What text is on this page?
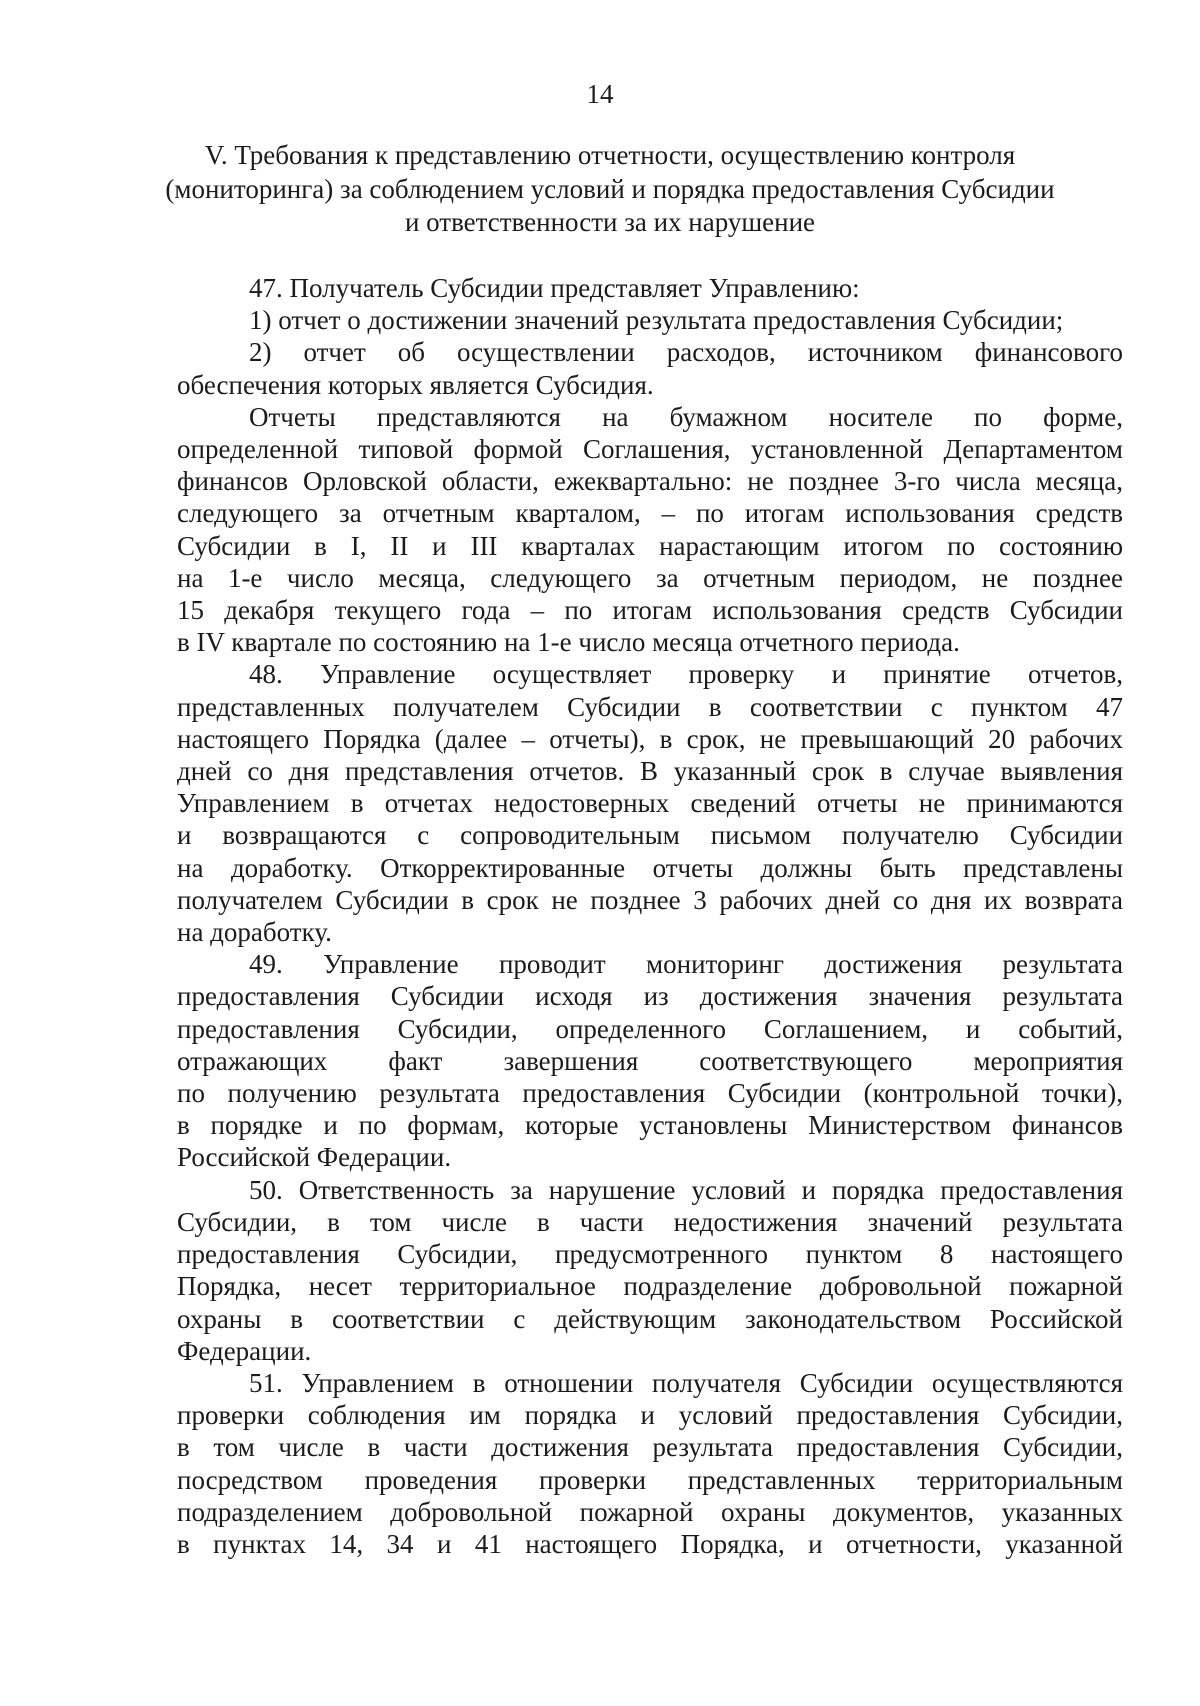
14
V. Требования к представлению отчетности, осуществлению контроля
(мониторинга) за соблюдением условий и порядка предоставления Субсидии
и ответственности за их нарушение

47. Получатель Субсидии представляет Управлению:

1) отчет о достижении значений результата предоставления Субсидии;

2) отчет об осуществлении расходов, источником финансового
обеспечения которых является Субсидия.

Отчеты представляются на бумажном носителе по форме,
определенной типовой формой Соглашения, установленной Департаментом
финансов Орловской области, ежеквартально: не позднее 3-го числа месяца,
следующего за отчетным кварталом, – по итогам использования средств
Субсидии в I, II и III кварталах нарастающим итогом по состоянию
на 1-е число месяца, следующего за отчетным периодом, не позднее
15 декабря текущего года – по итогам использования средств Субсидии
в IV квартале по состоянию на 1-е число месяца отчетного периода.

48. Управление осуществляет проверку и принятие отчетов,
представленных получателем Субсидии в соответствии с пунктом 47
настоящего Порядка (далее – отчеты), в срок, не превышающий 20 рабочих
дней со дня представления отчетов. В указанный срок в случае выявления
Управлением в отчетах недостоверных сведений отчеты не принимаются
и возвращаются с сопроводительным письмом получателю Субсидии
на доработку. Откорректированные отчеты должны быть представлены
получателем Субсидии в срок не позднее 3 рабочих дней со дня их возврата
на доработку.

49. Управление проводит мониторинг достижения результата
предоставления Субсидии исходя из достижения значения результата
предоставления Субсидии, определенного Соглашением, и событий,
отражающих факт завершения соответствующего мероприятия
по получению результата предоставления Субсидии (контрольной точки),
в порядке и по формам, которые установлены Министерством финансов
Российской Федерации.

50. Ответственность за нарушение условий и порядка предоставления
Субсидии, в том числе в части недостижения значений результата
предоставления Субсидии, предусмотренного пунктом 8 настоящего
Порядка, несет территориальное подразделение добровольной пожарной
охраны в соответствии с действующим законодательством Российской
Федерации.

51. Управлением в отношении получателя Субсидии осуществляются
проверки соблюдения им порядка и условий предоставления Субсидии,
в том числе в части достижения результата предоставления Субсидии,
посредством проведения проверки представленных территориальным
подразделением добровольной пожарной охраны документов, указанных
в пунктах 14, 34 и 41 настоящего Порядка, и отчетности, указанной
